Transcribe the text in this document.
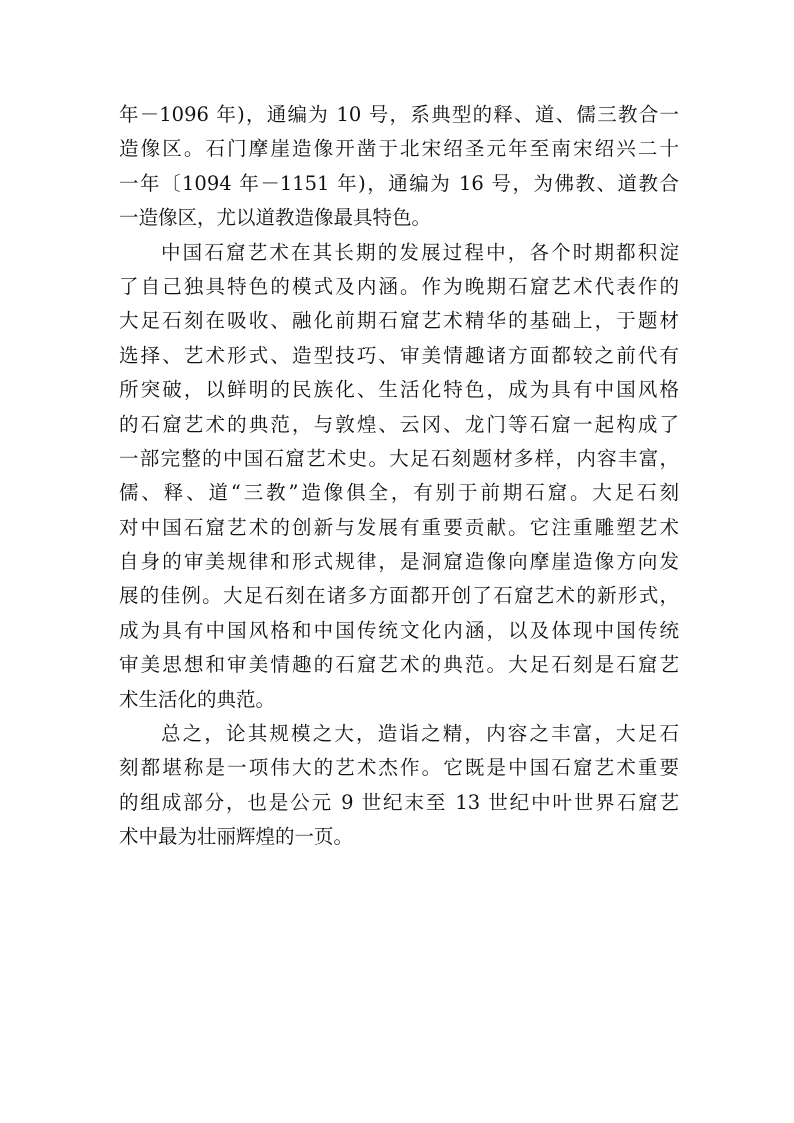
年－1096 年)，通编为 10 号，系典型的释、道、儒三教合一
造像区。石门摩崖造像开凿于北宋绍圣元年至南宋绍兴二十
一年〔1094 年－1151 年)，通编为 16 号，为佛教、道教合
一造像区，尤以道教造像最具特色。
中国石窟艺术在其长期的发展过程中，各个时期都积淀
了自己独具特色的模式及内涵。作为晚期石窟艺术代表作的
大足石刻在吸收、融化前期石窟艺术精华的基础上，于题材
选择、艺术形式、造型技巧、审美情趣诸方面都较之前代有
所突破，以鲜明的民族化、生活化特色，成为具有中国风格
的石窟艺术的典范，与敦煌、云冈、龙门等石窟一起构成了
一部完整的中国石窟艺术史。大足石刻题材多样，内容丰富，
儒、释、道“三教”造像俱全，有别于前期石窟。大足石刻
对中国石窟艺术的创新与发展有重要贡献。它注重雕塑艺术
自身的审美规律和形式规律，是洞窟造像向摩崖造像方向发
展的佳例。大足石刻在诸多方面都开创了石窟艺术的新形式，
成为具有中国风格和中国传统文化内涵，以及体现中国传统
审美思想和审美情趣的石窟艺术的典范。大足石刻是石窟艺
术生活化的典范。
总之，论其规模之大，造诣之精，内容之丰富，大足石
刻都堪称是一项伟大的艺术杰作。它既是中国石窟艺术重要
的组成部分，也是公元 9 世纪末至 13 世纪中叶世界石窟艺
术中最为壮丽辉煌的一页。
